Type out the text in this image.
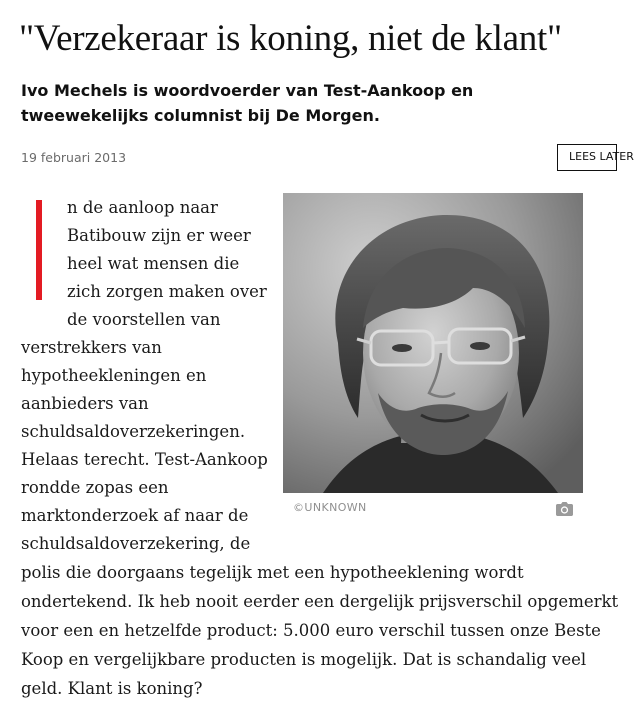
"Verzekeraar is koning, niet de klant"

Ivo Mechels is woordvoerder van Test-Aankoop en tweewekelijks columnist bij De Morgen.

19 februari 2013	LEES LATER
©UNKNOWN

n de aanloop naar

Batibouw zijn er weer

heel wat mensen die

zich zorgen maken over

de voorstellen van

verstrekkers van

hypotheekleningen en

aanbieders van

schuldsaldoverzekeringen.

Helaas terecht. Test-Aankoop

rondde zopas een

marktonderzoek af naar de

schuldsaldoverzekering, de

polis die doorgaans tegelijk met een hypotheeklening wordt

ondertekend. Ik heb nooit eerder een dergelijk prijsverschil opgemerkt

voor een en hetzelfde product: 5.000 euro verschil tussen onze Beste

Koop en vergelijkbare producten is mogelijk. Dat is schandalig veel

geld. Klant is koning?
